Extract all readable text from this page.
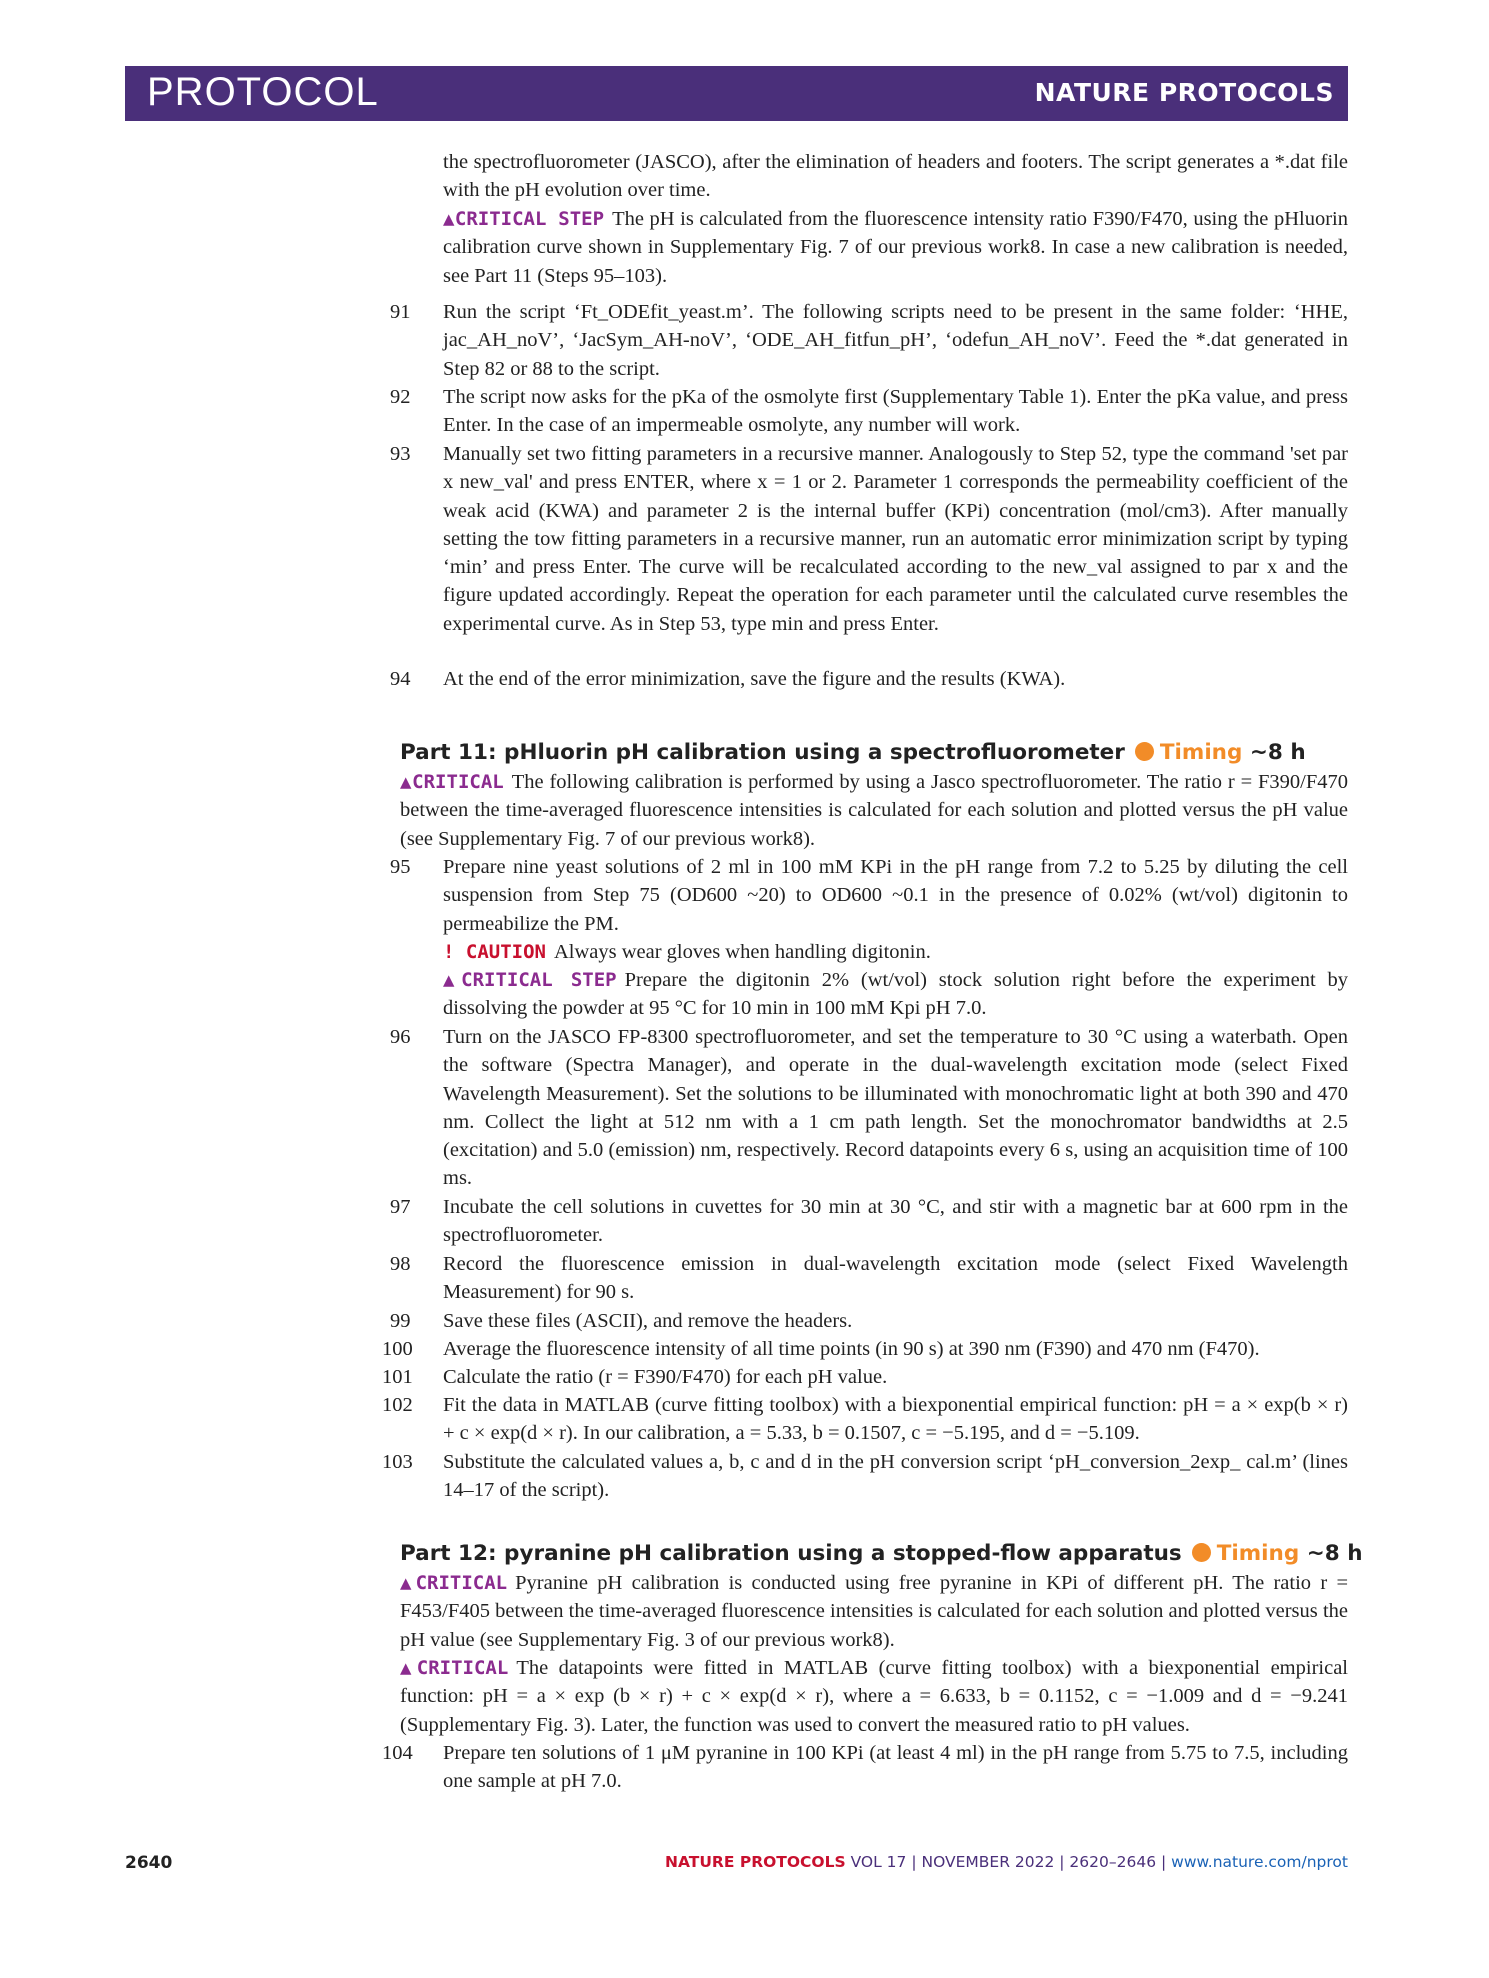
PROTOCOL	NATURE PROTOCOLS

the spectrofluorometer (JASCO), after the elimination of headers and footers. The script generates a *.dat file with the pH evolution over time.

▲CRITICAL STEP The pH is calculated from the fluorescence intensity ratio F390/F470, using the pHluorin calibration curve shown in Supplementary Fig. 7 of our previous work8. In case a new calibration is needed, see Part 11 (Steps 95–103).

91 Run the script ‘Ft_ODEfit_yeast.m’. The following scripts need to be present in the same folder: ‘HHE, jac_AH_noV’, ‘JacSym_AH-noV’, ‘ODE_AH_fitfun_pH’, ‘odefun_AH_noV’. Feed the *.dat generated in Step 82 or 88 to the script.

92 The script now asks for the pKa of the osmolyte first (Supplementary Table 1). Enter the pKa value, and press Enter. In the case of an impermeable osmolyte, any number will work.

93 Manually set two fitting parameters in a recursive manner. Analogously to Step 52, type the command 'set par x new_val' and press ENTER, where x = 1 or 2. Parameter 1 corresponds the permeability coefficient of the weak acid (KWA) and parameter 2 is the internal buffer (KPi) concentration (mol/cm3). After manually setting the tow fitting parameters in a recursive manner, run an automatic error minimization script by typing ‘min’ and press Enter. The curve will be recalculated according to the new_val assigned to par x and the figure updated accordingly. Repeat the operation for each parameter until the calculated curve resembles the experimental curve. As in Step 53, type min and press Enter.

94 At the end of the error minimization, save the figure and the results (KWA).

Part 11: pHluorin pH calibration using a spectrofluorometer Timing ~8 h

▲CRITICAL The following calibration is performed by using a Jasco spectrofluorometer. The ratio r = F390/F470 between the time-averaged fluorescence intensities is calculated for each solution and plotted versus the pH value (see Supplementary Fig. 7 of our previous work8).

95 Prepare nine yeast solutions of 2 ml in 100 mM KPi in the pH range from 7.2 to 5.25 by diluting the cell suspension from Step 75 (OD600 ~20) to OD600 ~0.1 in the presence of 0.02% (wt/vol) digitonin to permeabilize the PM.

! CAUTION Always wear gloves when handling digitonin.

▲CRITICAL STEP Prepare the digitonin 2% (wt/vol) stock solution right before the experiment by dissolving the powder at 95 °C for 10 min in 100 mM Kpi pH 7.0.

96 Turn on the JASCO FP-8300 spectrofluorometer, and set the temperature to 30 °C using a waterbath. Open the software (Spectra Manager), and operate in the dual-wavelength excitation mode (select Fixed Wavelength Measurement). Set the solutions to be illuminated with monochromatic light at both 390 and 470 nm. Collect the light at 512 nm with a 1 cm path length. Set the monochromator bandwidths at 2.5 (excitation) and 5.0 (emission) nm, respectively. Record datapoints every 6 s, using an acquisition time of 100 ms.

97 Incubate the cell solutions in cuvettes for 30 min at 30 °C, and stir with a magnetic bar at 600 rpm in the spectrofluorometer.

98 Record the fluorescence emission in dual-wavelength excitation mode (select Fixed Wavelength Measurement) for 90 s.

99 Save these files (ASCII), and remove the headers.

100 Average the fluorescence intensity of all time points (in 90 s) at 390 nm (F390) and 470 nm (F470).

101 Calculate the ratio (r = F390/F470) for each pH value.

102 Fit the data in MATLAB (curve fitting toolbox) with a biexponential empirical function: pH = a × exp(b × r) + c × exp(d × r). In our calibration, a = 5.33, b = 0.1507, c = −5.195, and d = −5.109.

103 Substitute the calculated values a, b, c and d in the pH conversion script ‘pH_conversion_2exp_ cal.m’ (lines 14–17 of the script).

Part 12: pyranine pH calibration using a stopped-flow apparatus Timing ~8 h

▲CRITICAL Pyranine pH calibration is conducted using free pyranine in KPi of different pH. The ratio r = F453/F405 between the time-averaged fluorescence intensities is calculated for each solution and plotted versus the pH value (see Supplementary Fig. 3 of our previous work8).

▲CRITICAL The datapoints were fitted in MATLAB (curve fitting toolbox) with a biexponential empirical function: pH = a × exp (b × r) + c × exp(d × r), where a = 6.633, b = 0.1152, c = −1.009 and d = −9.241 (Supplementary Fig. 3). Later, the function was used to convert the measured ratio to pH values.

104 Prepare ten solutions of 1 μM pyranine in 100 KPi (at least 4 ml) in the pH range from 5.75 to 7.5, including one sample at pH 7.0.

2640	NATURE PROTOCOLS VOL 17 | NOVEMBER 2022 | 2620–2646 | www.nature.com/nprot
